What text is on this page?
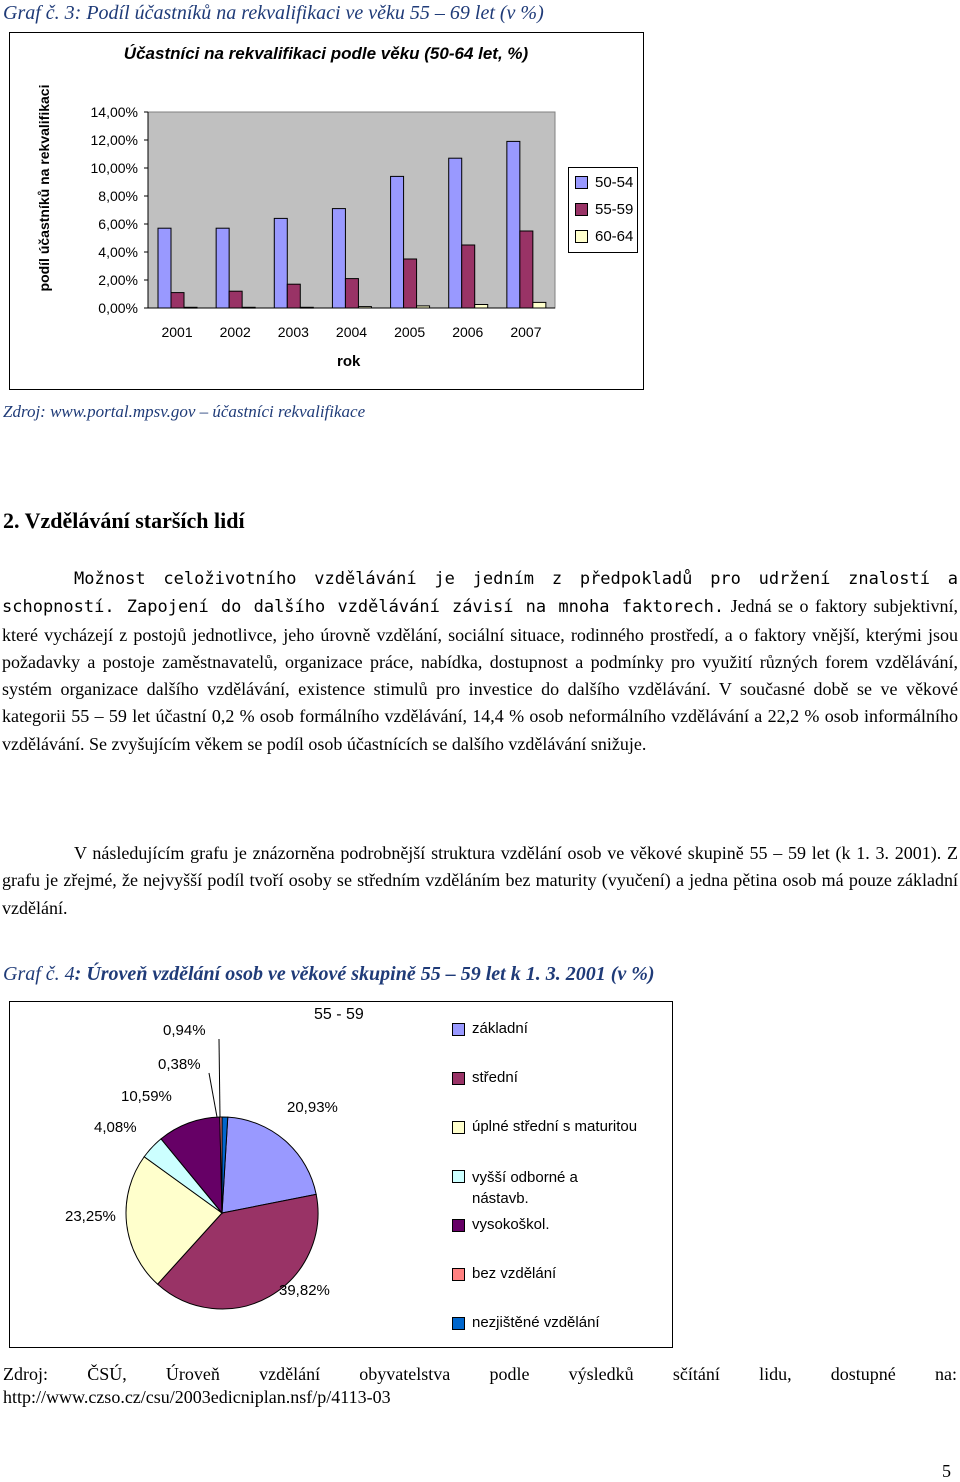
Graf č. 3: Podíl účastníků na rekvalifikaci ve věku 55 – 69 let (v %)
Účastníci na rekvalifikaci podle věku (50-64 let, %)
podíl účastníků na rekvalifikaci
0,00%
2,00%
4,00%
6,00%
8,00%
10,00%
12,00%
14,00%
2001 2002 2003 2004 2005 2006 2007
rok
50-54
55-59
60-64
Zdroj: www.portal.mpsv.gov – účastníci rekvalifikace
2. Vzdělávání starších lidí

Možnost celoživotního vzdělávání je jedním z předpokladů pro udržení znalostí a schopností. Zapojení do dalšího vzdělávání závisí na mnoha faktorech. Jedná se o faktory subjektivní, které vycházejí z postojů jednotlivce, jeho úrovně vzdělání, sociální situace, rodinného prostředí, a o faktory vnější, kterými jsou požadavky a postoje zaměstnavatelů, organizace práce, nabídka, dostupnost a podmínky pro využití různých forem vzdělávání, systém organizace dalšího vzdělávání, existence stimulů pro investice do dalšího vzdělávání. V současné době se ve věkové kategorii 55 – 59 let účastní 0,2 % osob formálního vzdělávání, 14,4 % osob neformálního vzdělávání a 22,2 % osob informálního vzdělávání. Se zvyšujícím věkem se podíl osob účastnících se dalšího vzdělávání snižuje.

V následujícím grafu je znázorněna podrobnější struktura vzdělání osob ve věkové skupině 55 – 59 let (k 1. 3. 2001). Z grafu je zřejmé, že nejvyšší podíl tvoří osoby se středním vzděláním bez maturity (vyučení) a jedna pětina osob má pouze základní vzdělání.

Graf č. 4: Úroveň vzdělání osob ve věkové skupině 55 – 59 let k 1. 3. 2001 (v %)
55 - 59
0,94%
0,38%
10,59%
4,08%
20,93%
23,25%
39,82%
základní
střední
úplné střední s maturitou
vyšší odborné a nástavb.
vysokoškol.
bez vzdělání
nezjištěné vzdělání
Zdroj: ČSÚ, Úroveň vzdělání obyvatelstva podle výsledků sčítání lidu, dostupné na:
http://www.czso.cz/csu/2003edicniplan.nsf/p/4113-03
5
